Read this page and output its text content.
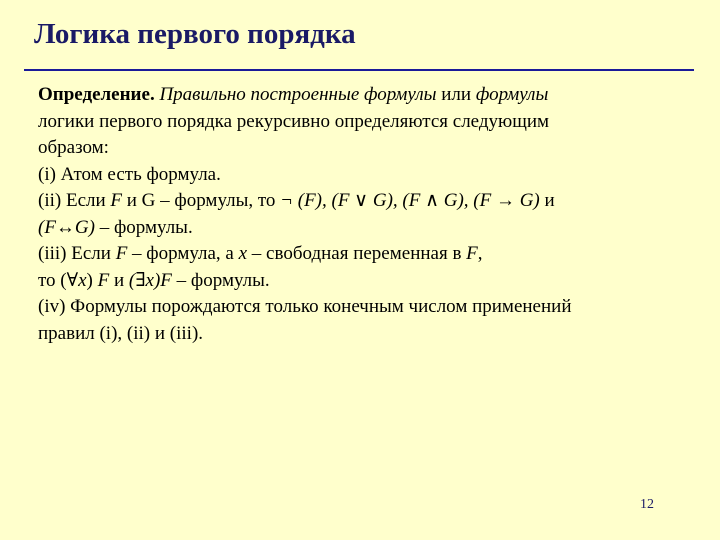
Логика первого порядка
Определение. Правильно построенные формулы или формулы
логики первого порядка рекурсивно определяются следующим
образом:
(i) Атом есть формула.
(ii) Если F и G – формулы, то ¬ (F), (F ∨ G), (F ∧ G), (F → G) и
(F↔G) – формулы.
(iii) Если F – формула, а x – свободная переменная в F,
то (∀x) F и (∃x)F – формулы.
(iv) Формулы порождаются только конечным числом применений
правил (i), (ii) и (iii).
12
